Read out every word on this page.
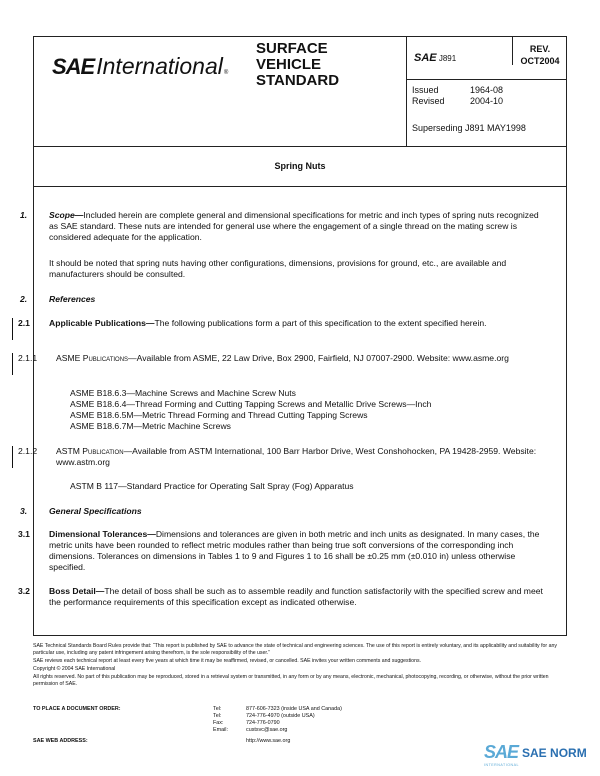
SAE International ®
SURFACE
VEHICLE
STANDARD
SAE J891
REV.
OCT2004
Issued	1964-08
Revised	2004-10
Superseding J891 MAY1998
Spring Nuts
1.	Scope—Included herein are complete general and dimensional specifications for metric and inch types of spring nuts recognized as SAE standard. These nuts are intended for general use where the engagement of a single thread on the mating screw is considered adequate for the application.
It should be noted that spring nuts having other configurations, dimensions, provisions for ground, etc., are available and manufacturers should be consulted.
2.	References
2.1 Applicable Publications—The following publications form a part of this specification to the extent specified herein.
2.1.1 ASME Publications—Available from ASME, 22 Law Drive, Box 2900, Fairfield, NJ 07007-2900. Website: www.asme.org
ASME B18.6.3—Machine Screws and Machine Screw Nuts
ASME B18.6.4—Thread Forming and Cutting Tapping Screws and Metallic Drive Screws—Inch
ASME B18.6.5M—Metric Thread Forming and Thread Cutting Tapping Screws
ASME B18.6.7M—Metric Machine Screws
2.1.2 ASTM Publication—Available from ASTM International, 100 Barr Harbor Drive, West Conshohocken, PA 19428-2959. Website: www.astm.org
ASTM B 117—Standard Practice for Operating Salt Spray (Fog) Apparatus
3.	General Specifications
3.1 Dimensional Tolerances—Dimensions and tolerances are given in both metric and inch units as designated. In many cases, the metric units have been rounded to reflect metric modules rather than being true soft conversions of the corresponding inch dimensions. Tolerances on dimensions in Tables 1 to 9 and Figures 1 to 16 shall be ±0.25 mm (±0.010 in) unless otherwise specified.
3.2 Boss Detail—The detail of boss shall be such as to assemble readily and function satisfactorily with the specified screw and meet the performance requirements of this specification except as indicated otherwise.

SAE Technical Standards Board Rules provide that: “This report is published by SAE to advance the state of technical and engineering sciences. The use of this report is entirely voluntary, and its applicability and suitability for any particular use, including any patent infringement arising therefrom, is the sole responsibility of the user.”

SAE reviews each technical report at least every five years at which time it may be reaffirmed, revised, or cancelled. SAE invites your written comments and suggestions.

Copyright © 2004 SAE International

All rights reserved. No part of this publication may be reproduced, stored in a retrieval system or transmitted, in any form or by any means, electronic, mechanical, photocopying, recording, or otherwise, without the prior written permission of SAE.

TO PLACE A DOCUMENT ORDER:	Tel:	877-606-7323 (inside USA and Canada)
Tel:	724-776-4970 (outside USA)
Fax:	724-776-0790
Email:	custsvc@sae.org
SAE WEB ADDRESS:	http://www.sae.org
SAE SAE NORM
INTERNATIONAL
